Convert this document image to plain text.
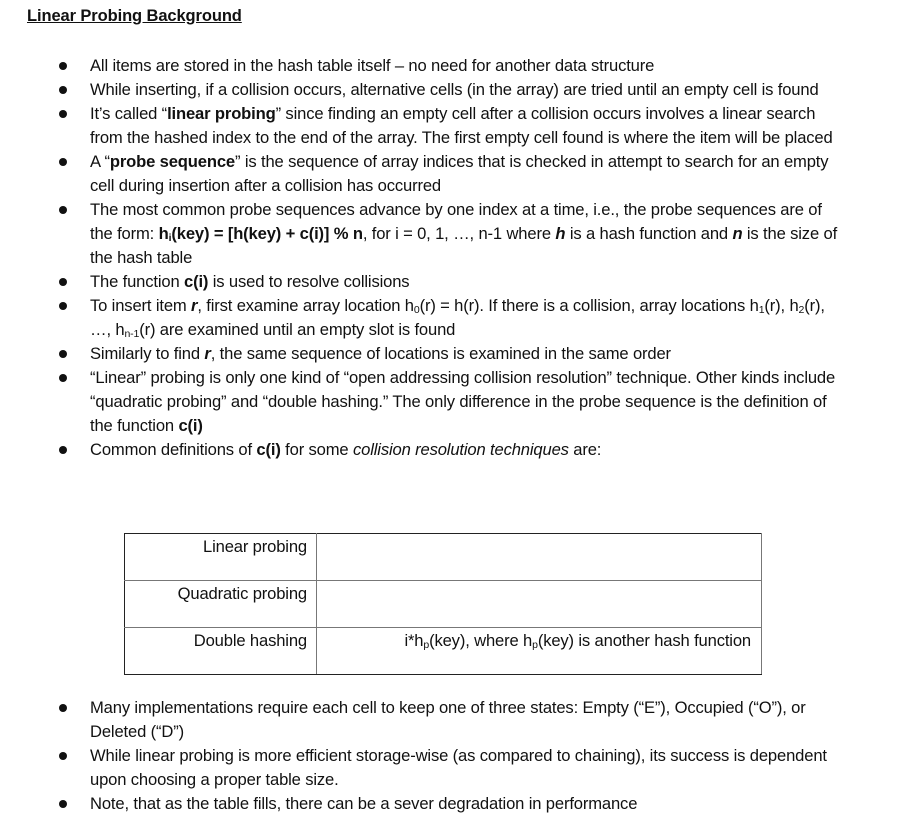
Linear Probing Background
All items are stored in the hash table itself – no need for another data structure
While inserting, if a collision occurs, alternative cells (in the array) are tried until an empty cell is found
It’s called “linear probing” since finding an empty cell after a collision occurs involves a linear search from the hashed index to the end of the array. The first empty cell found is where the item will be placed
A “probe sequence” is the sequence of array indices that is checked in attempt to search for an empty cell during insertion after a collision has occurred
The most common probe sequences advance by one index at a time, i.e., the probe sequences are of the form: $h_i(key) = [h(key) + c(i)]$ % n, for i = 0, 1, …, n-1 where h is a hash function and n is the size of the hash table
The function c(i) is used to resolve collisions
To insert item r, first examine array location $h_0(r) = h(r)$. If there is a collision, array locations $h_1(r)$, $h_2(r)$, …, $h_{n-1}(r)$ are examined until an empty slot is found
Similarly to find r, the same sequence of locations is examined in the same order
“Linear” probing is only one kind of “open addressing collision resolution” technique. Other kinds include “quadratic probing” and “double hashing.” The only difference in the probe sequence is the definition of the function c(i)
Common definitions of c(i) for some collision resolution techniques are:
Linear probing	
Quadratic probing	
Double hashing	$i*h_p(key)$, where $h_p(key)$ is another hash function
Many implementations require each cell to keep one of three states: Empty (“E”), Occupied (“O”), or Deleted (“D”)
While linear probing is more efficient storage-wise (as compared to chaining), its success is dependent upon choosing a proper table size.
Note, that as the table fills, there can be a sever degradation in performance
